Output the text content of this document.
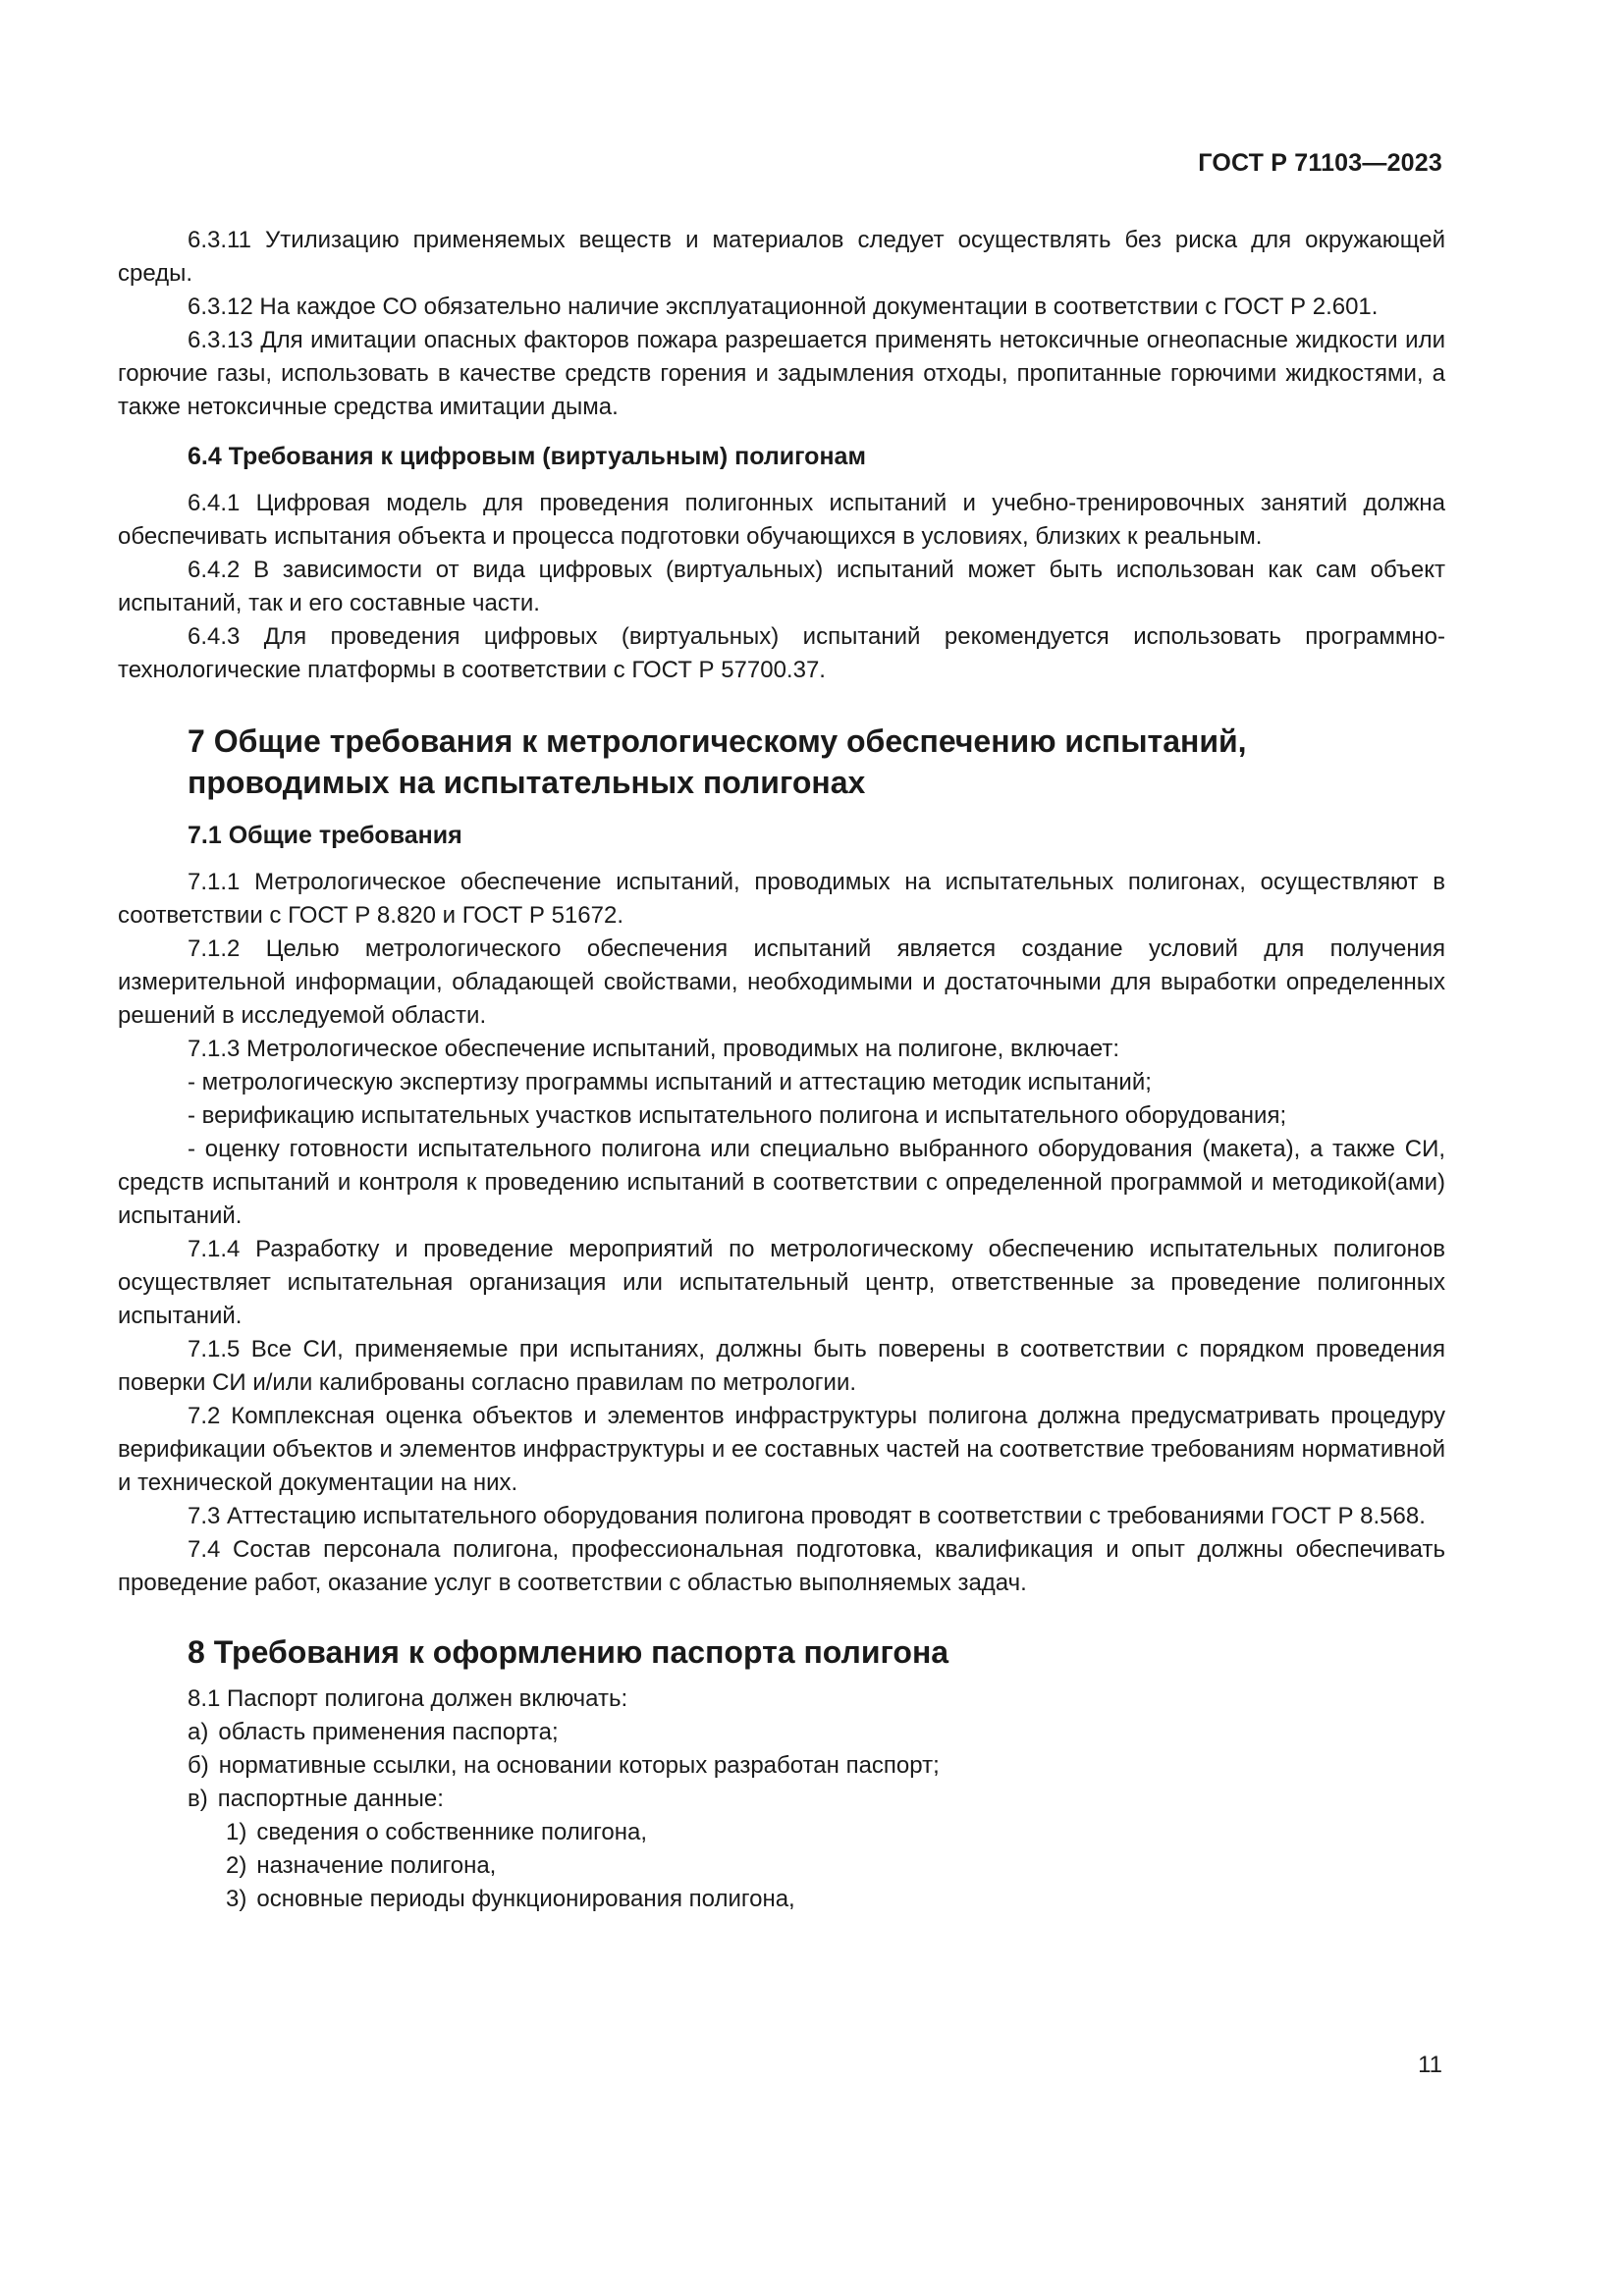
ГОСТ Р 71103—2023

6.3.11 Утилизацию применяемых веществ и материалов следует осуществлять без риска для окружающей среды.

6.3.12 На каждое СО обязательно наличие эксплуатационной документации в соответствии с ГОСТ Р 2.601.

6.3.13 Для имитации опасных факторов пожара разрешается применять нетоксичные огнеопасные жидкости или горючие газы, использовать в качестве средств горения и задымления отходы, пропитанные горючими жидкостями, а также нетоксичные средства имитации дыма.

6.4 Требования к цифровым (виртуальным) полигонам

6.4.1 Цифровая модель для проведения полигонных испытаний и учебно-тренировочных занятий должна обеспечивать испытания объекта и процесса подготовки обучающихся в условиях, близких к реальным.

6.4.2 В зависимости от вида цифровых (виртуальных) испытаний может быть использован как сам объект испытаний, так и его составные части.

6.4.3 Для проведения цифровых (виртуальных) испытаний рекомендуется использовать программно-технологические платформы в соответствии с ГОСТ Р 57700.37.

7 Общие требования к метрологическому обеспечению испытаний,
проводимых на испытательных полигонах
7.1 Общие требования

7.1.1 Метрологическое обеспечение испытаний, проводимых на испытательных полигонах, осуществляют в соответствии с ГОСТ Р 8.820 и ГОСТ Р 51672.

7.1.2 Целью метрологического обеспечения испытаний является создание условий для получения измерительной информации, обладающей свойствами, необходимыми и достаточными для выработки определенных решений в исследуемой области.

7.1.3 Метрологическое обеспечение испытаний, проводимых на полигоне, включает:

- метрологическую экспертизу программы испытаний и аттестацию методик испытаний;

- верификацию испытательных участков испытательного полигона и испытательного оборудования;

- оценку готовности испытательного полигона или специально выбранного оборудования (макета), а также СИ, средств испытаний и контроля к проведению испытаний в соответствии с определенной программой и методикой(ами) испытаний.

7.1.4 Разработку и проведение мероприятий по метрологическому обеспечению испытательных полигонов осуществляет испытательная организация или испытательный центр, ответственные за проведение полигонных испытаний.

7.1.5 Все СИ, применяемые при испытаниях, должны быть поверены в соответствии с порядком проведения поверки СИ и/или калиброваны согласно правилам по метрологии.

7.2 Комплексная оценка объектов и элементов инфраструктуры полигона должна предусматривать процедуру верификации объектов и элементов инфраструктуры и ее составных частей на соответствие требованиям нормативной и технической документации на них.

7.3 Аттестацию испытательного оборудования полигона проводят в соответствии с требованиями ГОСТ Р 8.568.

7.4 Состав персонала полигона, профессиональная подготовка, квалификация и опыт должны обеспечивать проведение работ, оказание услуг в соответствии с областью выполняемых задач.

8 Требования к оформлению паспорта полигона

8.1 Паспорт полигона должен включать:

а) область применения паспорта;

б) нормативные ссылки, на основании которых разработан паспорт;

в) паспортные данные:

1) сведения о собственнике полигона,

2) назначение полигона,

3) основные периоды функционирования полигона,

11
